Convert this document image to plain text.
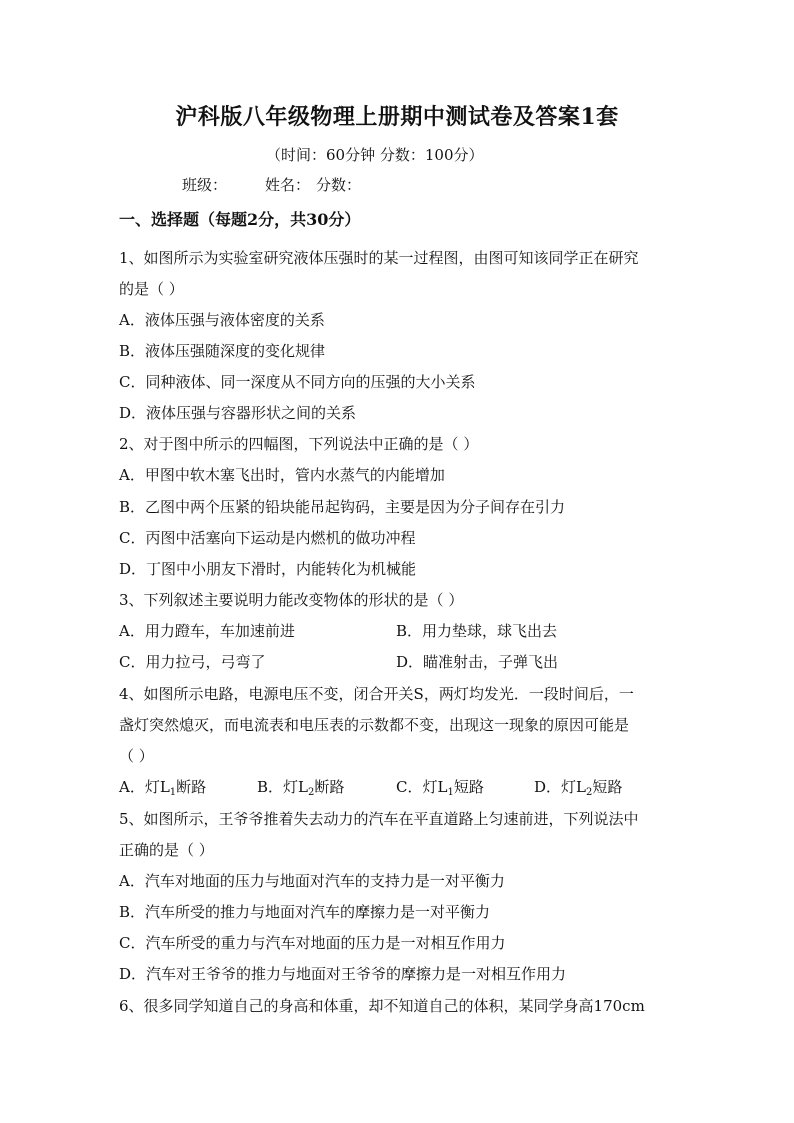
沪科版八年级物理上册期中测试卷及答案1套
（时间：60分钟 分数：100分）
班级：	姓名： 分数：
一、选择题（每题2分，共30分）
1、如图所示为实验室研究液体压强时的某一过程图，由图可知该同学正在研究
的是（ ）
A．液体压强与液体密度的关系
B．液体压强随深度的变化规律
C．同种液体、同一深度从不同方向的压强的大小关系
D．液体压强与容器形状之间的关系
2、对于图中所示的四幅图，下列说法中正确的是（ ）
A．甲图中软木塞飞出时，管内水蒸气的内能增加
B．乙图中两个压紧的铅块能吊起钩码，主要是因为分子间存在引力
C．丙图中活塞向下运动是内燃机的做功冲程
D．丁图中小朋友下滑时，内能转化为机械能
3、下列叙述主要说明力能改变物体的形状的是（ ）
A．用力蹬车，车加速前进	B．用力垫球，球飞出去
C．用力拉弓，弓弯了	D．瞄准射击，子弹飞出
4、如图所示电路，电源电压不变，闭合开关S，两灯均发光．一段时间后，一
盏灯突然熄灭，而电流表和电压表的示数都不变，出现这一现象的原因可能是
（ ）
A．灯$L_1$断路	B．灯$L_2$断路	C．灯$L_1$短路	D．灯$L_2$短路
5、如图所示，王爷爷推着失去动力的汽车在平直道路上匀速前进，下列说法中
正确的是（ ）
A．汽车对地面的压力与地面对汽车的支持力是一对平衡力
B．汽车所受的推力与地面对汽车的摩擦力是一对平衡力
C．汽车所受的重力与汽车对地面的压力是一对相互作用力
D．汽车对王爷爷的推力与地面对王爷爷的摩擦力是一对相互作用力
6、很多同学知道自己的身高和体重，却不知道自己的体积，某同学身高170cm
